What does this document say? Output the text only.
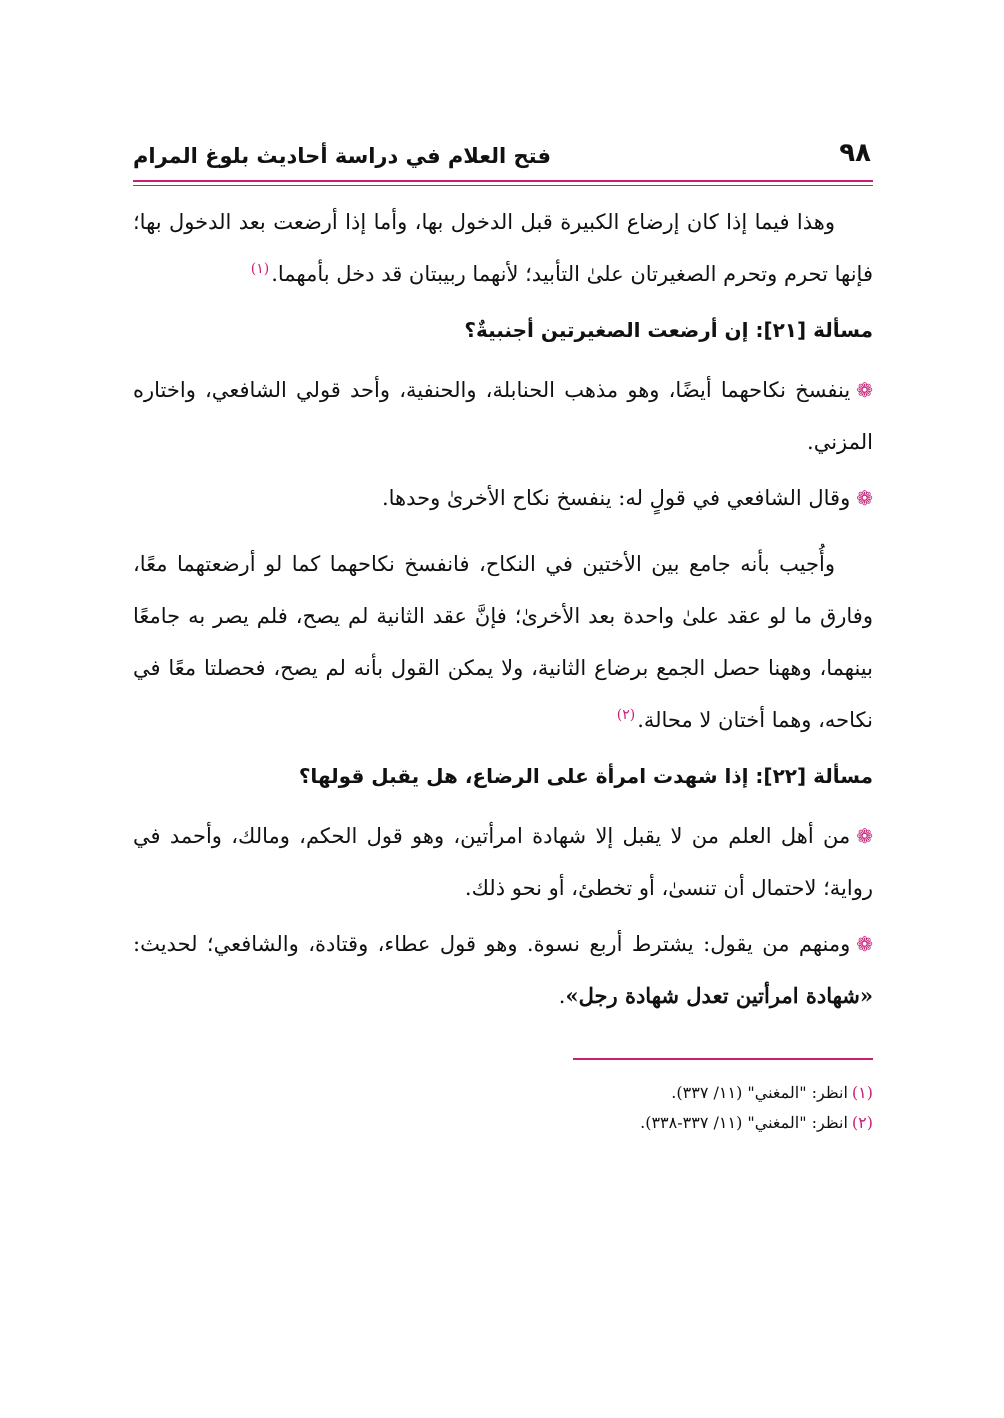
٩٨
فتح العلام في دراسة أحاديث بلوغ المرام

وهذا فيما إذا كان إرضاع الكبيرة قبل الدخول بها، وأما إذا أرضعت بعد الدخول بها؛ فإنها تحرم وتحرم الصغيرتان علىٰ التأبيد؛ لأنهما ربيبتان قد دخل بأمهما.$^{(١)}$

مسألة [٢١]: إن أرضعت الصغيرتين أجنبيةٌ؟

❁ينفسخ نكاحهما أيضًا، وهو مذهب الحنابلة، والحنفية، وأحد قولي الشافعي، واختاره المزني.

❁وقال الشافعي في قولٍ له: ينفسخ نكاح الأخرىٰ وحدها.

وأُجيب بأنه جامع بين الأختين في النكاح، فانفسخ نكاحهما كما لو أرضعتهما معًا، وفارق ما لو عقد علىٰ واحدة بعد الأخرىٰ؛ فإنَّ عقد الثانية لم يصح، فلم يصر به جامعًا بينهما، وههنا حصل الجمع برضاع الثانية، ولا يمكن القول بأنه لم يصح، فحصلتا معًا في نكاحه، وهما أختان لا محالة.$^{(٢)}$

مسألة [٢٢]: إذا شهدت امرأة على الرضاع، هل يقبل قولها؟

❁من أهل العلم من لا يقبل إلا شهادة امرأتين، وهو قول الحكم، ومالك، وأحمد في رواية؛ لاحتمال أن تنسىٰ، أو تخطئ، أو نحو ذلك.

❁ومنهم من يقول: يشترط أربع نسوة. وهو قول عطاء، وقتادة، والشافعي؛ لحديث: «شهادة امرأتين تعدل شهادة رجل».

(١)انظر: "المغني" (١١/ ٣٣٧).
(٢)انظر: "المغني" (١١/ ٣٣٧-٣٣٨).
